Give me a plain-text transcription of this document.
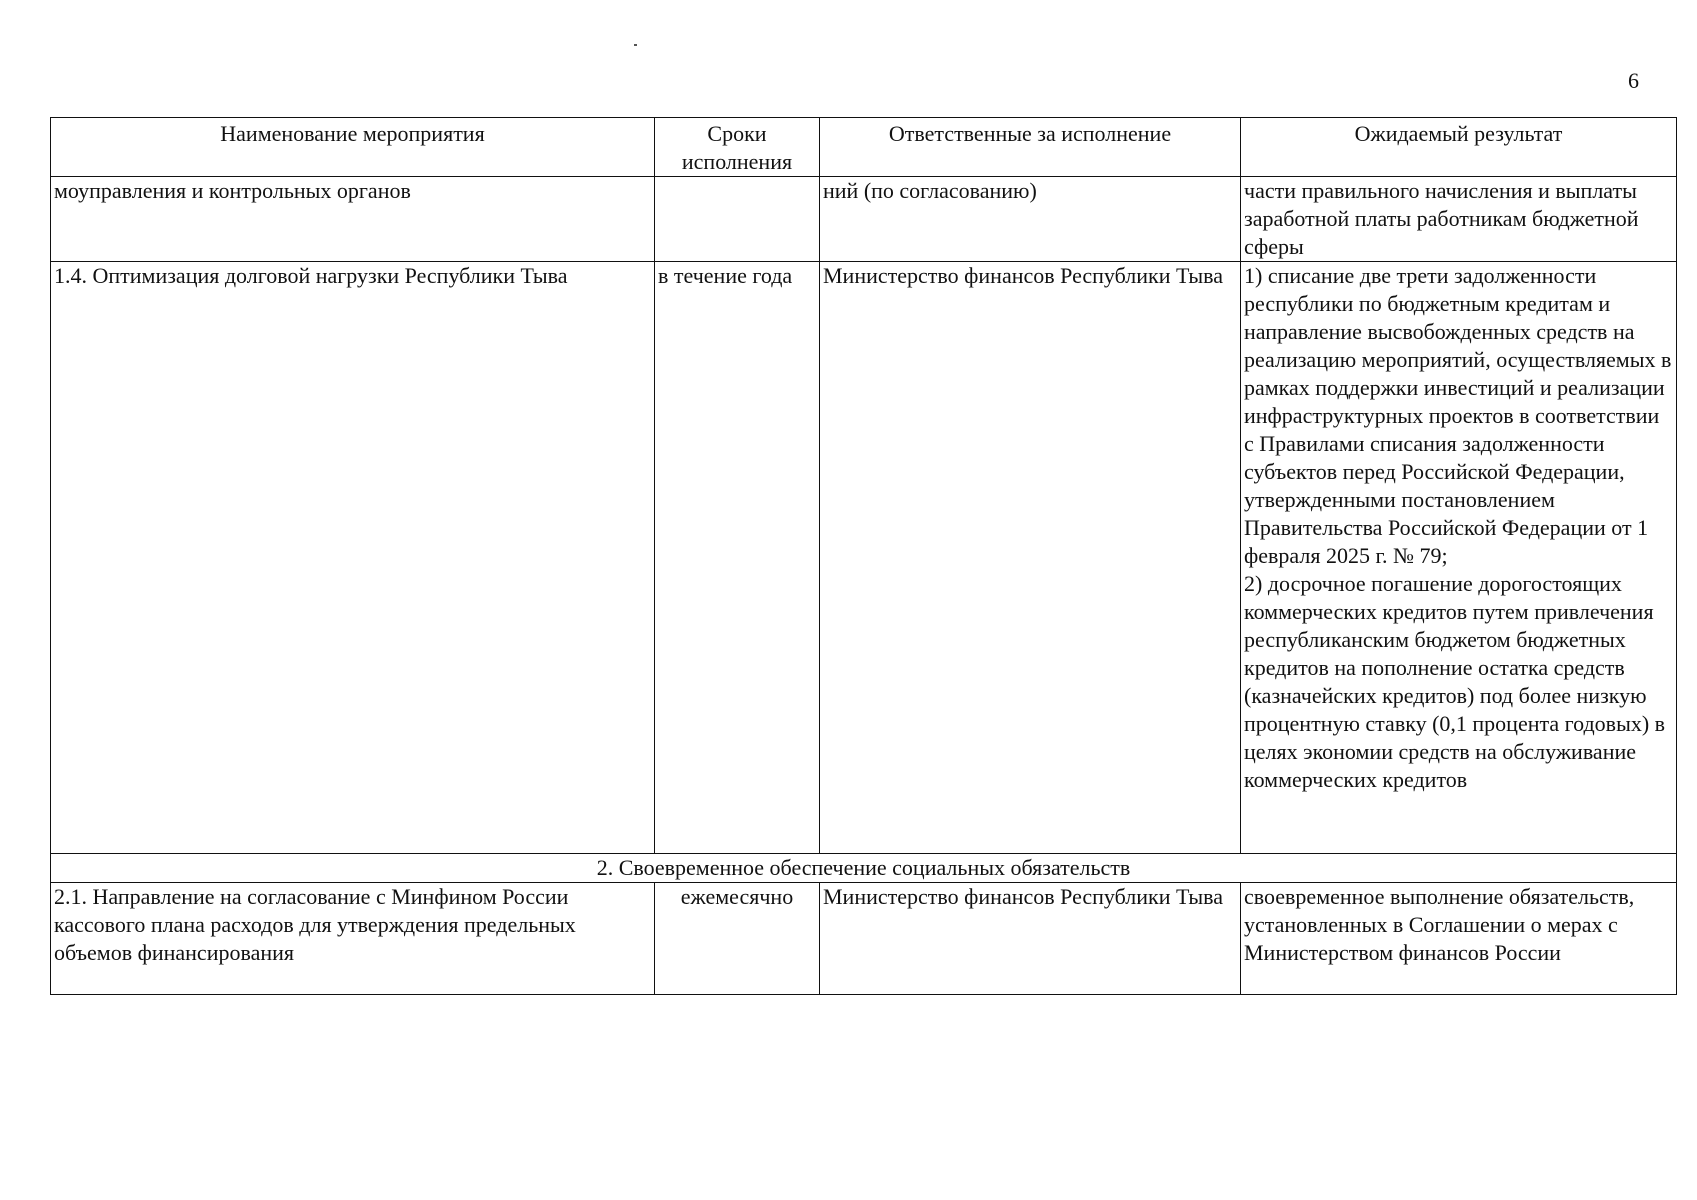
6
Наименование мероприятия	Сроки исполнения	Ответственные за исполнение	Ожидаемый результат
моуправления и контрольных органов		ний (по согласованию)	части правильного начисления и выплаты заработной платы работникам бюджетной сферы
1.4. Оптимизация долговой нагрузки Республики Тыва	в течение года	Министерство финансов Республики Тыва	1) списание две трети задолженности республики по бюджетным кредитам и направление высвобожденных средств на реализацию мероприятий, осуществляемых в рамках поддержки инвестиций и реализации инфраструктурных проектов в соответствии с Правилами списания задолженности субъектов перед Российской Федерации, утвержденными постановлением Правительства Российской Федерации от 1 февраля 2025 г. № 79;
2) досрочное погашение дорогостоящих коммерческих кредитов путем привлечения республиканским бюджетом бюджетных кредитов на пополнение остатка средств (казначейских кредитов) под более низкую процентную ставку (0,1 процента годовых) в целях экономии средств на обслуживание коммерческих кредитов

2. Своевременное обеспечение социальных обязательств			
2.1. Направление на согласование с Минфином России кассового плана расходов для утверждения предельных объемов финансирования	ежемесячно	Министерство финансов Республики Тыва	своевременное выполнение обязательств, установленных в Соглашении о мерах с Министерством финансов России
